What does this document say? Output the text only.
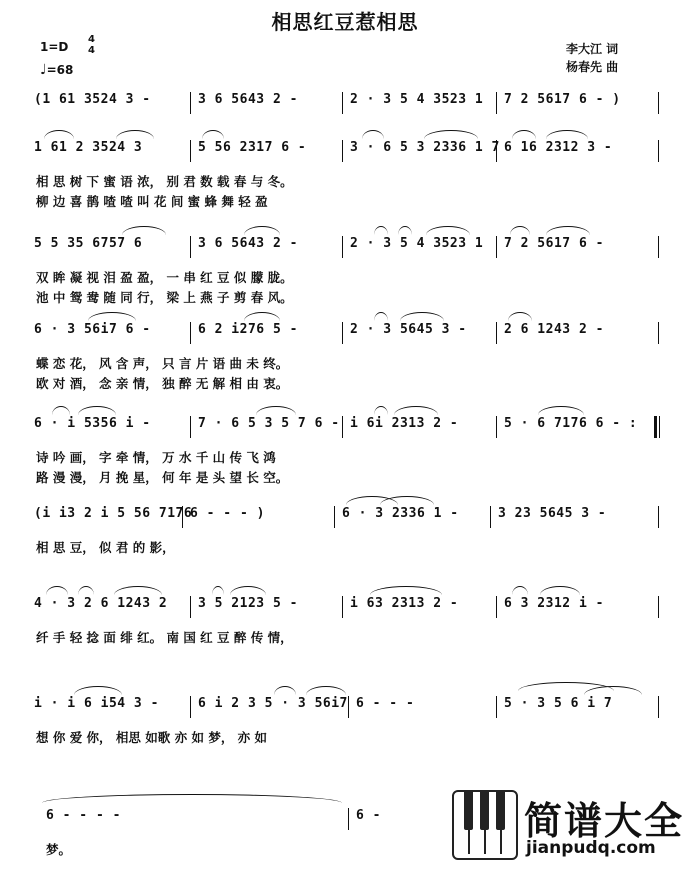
相思红豆惹相思
1=D
4
4
♩=68
李大江 词
杨春先 曲
(1 61 3524 3 -	3 6 5643 2 -	2 · 3 5 4 3523 1 7 2 5617 6 - )
1 61 2 3524 3	5 56 2317 6 -	3 · 6 5 3 2336 1 7 6 16 2312 3 -
相 思 树 下 蜜 语 浓， 别 君 数 载 春 与 冬。
柳 边 喜 鹊 喳 喳 叫 花 间 蜜 蜂 舞 轻 盈
5 5 35 6757 6	3 6 5643 2 -	2 · 3 5 4 3523 1 7 2 5617 6 -
双 眸 凝 视 泪 盈 盈， 一 串 红 豆 似 朦 胧。
池 中 鸳 鸯 随 同 行， 梁 上 燕 子 剪 春 风。
6 · 3 56i7 6 -	6 2 i276 5 -	2 · 3 5645 3 -	2 6 1243 2 -
蝶 恋 花， 风 含 声， 只 言 片 语 曲 未 终。
欧 对 酒， 念 亲 情， 独 醉 无 解 相 由 衷。
6 · i 5356 i -	7 · 6 5 3 5 7 6 - i 6i 2313 2 -	5 · 6 7176 6 - :
诗 吟 画， 字 牵 情， 万 水 千 山 传 飞 鸿
路 漫 漫， 月 挽 星， 何 年 是 头 望 长 空。
(i i3 2 i 5 56 7176
6 - - - )	6 · 3 2336 1 -	3 23 5645 3 -
相 思 豆， 似 君 的 影，
4 · 3 2 6 1243 2 3 5 2123 5 -	i 63 2313 2 -	6 3 2312 i -
纤 手 轻 捻 面 绯 红。 南 国 红 豆 醉 传 情，
i · i 6 i54 3 -	6 i 2 3 5 · 3 56i7 6 - - -	5 · 3 5 6 i 7
想 你 爱 你， 相思 如歌 亦 如 梦， 亦 如
6 - - - -	6 -
梦。
简谱大全
jianpudq.com
